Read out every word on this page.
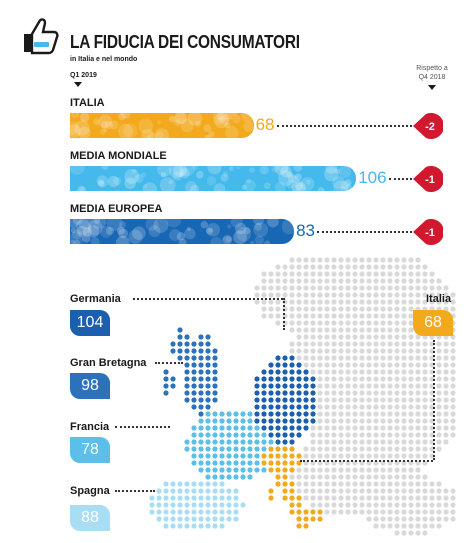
LA FIDUCIA DEI CONSUMATORI
in Italia e nel mondo
Q1 2019
Rispetto a
Q4 2018
ITALIA
68	-2
MEDIA MONDIALE
106	-1
MEDIA EUROPEA
83	-1
Germania
104
Gran Bretagna
98
Francia
78
Spagna
88
Italia
68
